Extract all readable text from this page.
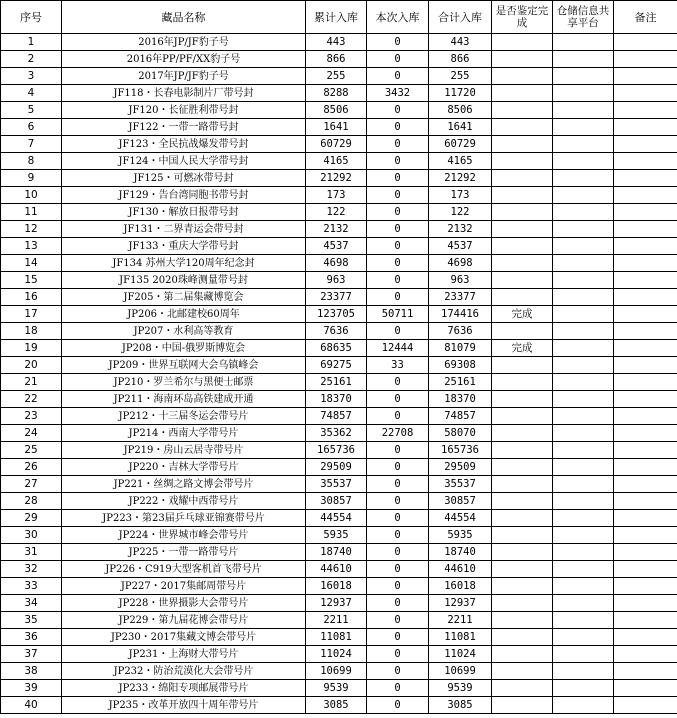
序号	藏品名称	累计入库	本次入库	合计入库	是否鉴定完成	仓储信息共享平台	备注
1	2016年JP/JF豹子号	443	0	443			
2	2016年PP/PF/XX豹子号	866	0	866			
3	2017年JP/JF豹子号	255	0	255			
4	JF118・长春电影制片厂带号封	8288	3432	11720			
5	JF120・长征胜利带号封	8506	0	8506			
6	JF122・一带一路带号封	1641	0	1641			
7	JF123・全民抗战爆发带号封	60729	0	60729			
8	JF124・中国人民大学带号封	4165	0	4165			
9	JF125・可燃冰带号封	21292	0	21292			
10	JF129・告台湾同胞书带号封	173	0	173			
11	JF130・解放日报带号封	122	0	122			
12	JF131・二界青运会带号封	2132	0	2132			
13	JF133・重庆大学带号封	4537	0	4537			
14	JF134 苏州大学120周年纪念封	4698	0	4698			
15	JF135 2020珠峰测量带号封	963	0	963			
16	JF205・第二届集藏博览会	23377	0	23377			
17	JP206・北邮建校60周年	123705	50711	174416	完成		
18	JP207・水利高等教育	7636	0	7636			
19	JP208・中国-俄罗斯博览会	68635	12444	81079	完成		
20	JP209・世界互联网大会乌镇峰会	69275	33	69308			
21	JP210・罗兰希尔与黑便士邮票	25161	0	25161			
22	JP211・海南环岛高铁建成开通	18370	0	18370			
23	JP212・十三届冬运会带号片	74857	0	74857			
24	JP214・西南大学带号片	35362	22708	58070			
25	JP219・房山云居寺带号片	165736	0	165736			
26	JP220・吉林大学带号片	29509	0	29509			
27	JP221・丝绸之路文博会带号片	35537	0	35537			
28	JP222・戏耀中西带号片	30857	0	30857			
29	JP223・第23届乒乓球亚锦赛带号片	44554	0	44554			
30	JP224・世界城市峰会带号片	5935	0	5935			
31	JP225・一带一路带号片	18740	0	18740			
32	JP226・C919大型客机首飞带号片	44610	0	44610			
33	JP227・2017集邮周带号片	16018	0	16018			
34	JP228・世界摄影大会带号片	12937	0	12937			
35	JP229・第九届花博会带号片	2211	0	2211			
36	JP230・2017集藏文博会带号片	11081	0	11081			
37	JP231・上海财大带号片	11024	0	11024			
38	JP232・防治荒漠化大会带号片	10699	0	10699			
39	JP233・绵阳专项邮展带号片	9539	0	9539			
40	JP235・改革开放四十周年带号片	3085	0	3085			
